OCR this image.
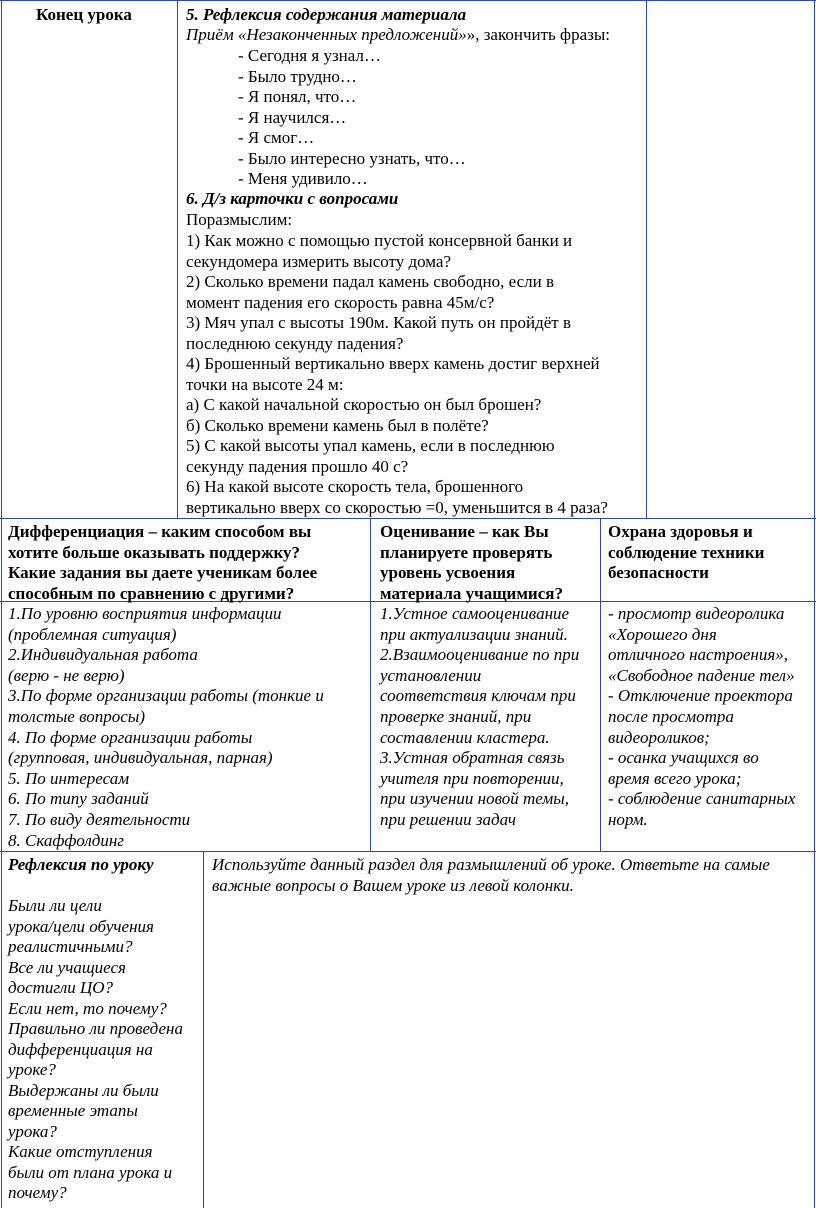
Конец урока	5. Рефлексия содержания материала
Приём «Незаконченных предложений»», закончить фразы:
- Сегодня я узнал…
- Было трудно…
- Я понял, что…
- Я научился…
- Я смог…
- Было интересно узнать, что…
- Меня удивило…
6. Д/з карточки с вопросами
Поразмыслим:
1) Как можно с помощью пустой консервной банки и
секундомера измерить высоту дома?
2) Сколько времени падал камень свободно, если в
момент падения его скорость равна 45м/с?
3) Мяч упал с высоты 190м. Какой путь он пройдёт в
последнюю секунду падения?
4) Брошенный вертикально вверх камень достиг верхней
точки на высоте 24 м:
а) С какой начальной скоростью он был брошен?
б) Сколько времени камень был в полёте?
5) С какой высоты упал камень, если в последнюю
секунду падения прошло 40 с?
6) На какой высоте скорость тела, брошенного
вертикально вверх со скоростью =0, уменьшится в 4 раза?
Дифференциация – каким способом вы
хотите больше оказывать поддержку?
Какие задания вы даете ученикам более
способным по сравнению с другими?
Оценивание – как Вы
планируете проверять
уровень усвоения
материала учащимися?
Охрана здоровья и
соблюдение техники
безопасности
1.По уровню восприятия информации
(проблемная ситуация)
2.Индивидуальная работа
(верю - не верю)
3.По форме организации работы (тонкие и
толстые вопросы)
4. По форме организации работы
(групповая, индивидуальная, парная)
5. По интересам
6. По типу заданий
7. По виду деятельности
8. Скаффолдинг
1.Устное самооценивание
при актуализации знаний.
2.Взаимооценивание по при
установлении
соответствия ключам при
проверке знаний, при
составлении кластера.
3.Устная обратная связь
учителя при повторении,
при изучении новой темы,
при решении задач
- просмотр видеоролика
«Хорошего дня
отличного настроения»,
«Свободное падение тел»
- Отключение проектора
после просмотра
видеороликов;
- осанка учащихся во
время всего урока;
- соблюдение санитарных
норм.
Рефлексия по уроку
Были ли цели
урока/цели обучения
реалистичными?
Все ли учащиеся
достигли ЦО?
Если нет, то почему?
Правильно ли проведена
дифференциация на
уроке?
Выдержаны ли были
временные этапы
урока?
Какие отступления
были от плана урока и
почему?
Используйте данный раздел для размышлений об уроке. Ответьте на самые
важные вопросы о Вашем уроке из левой колонки.
